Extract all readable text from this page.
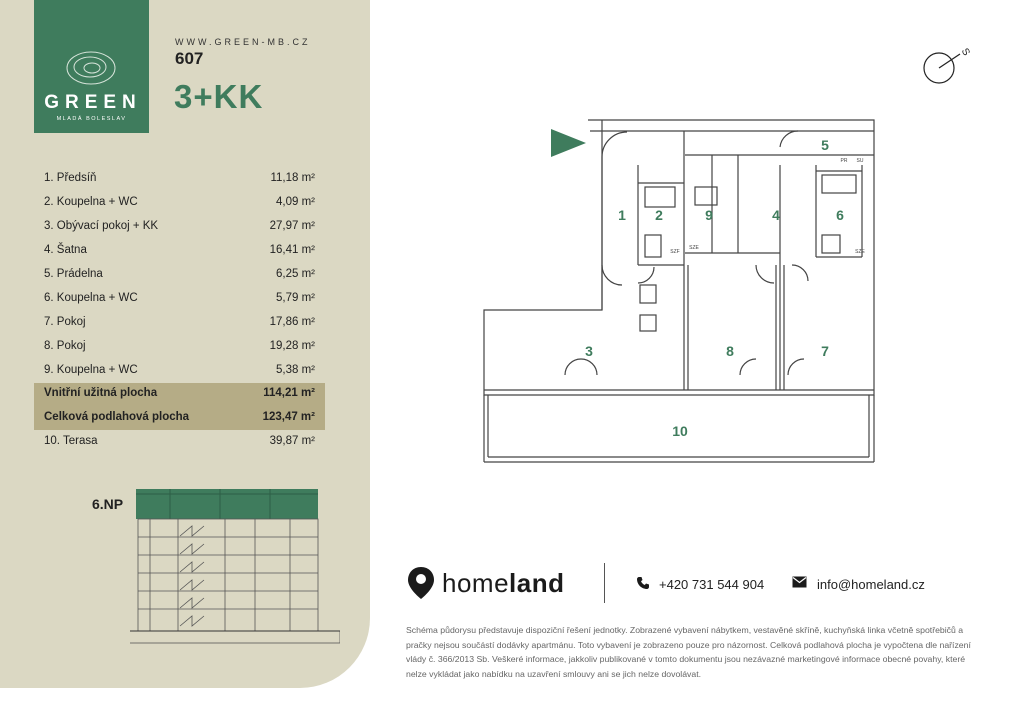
GREEN
MLADÁ BOLESLAV
WWW.GREEN-MB.CZ
607
3+KK
1. Předsíň	11,18 m²
2. Koupelna + WC	4,09 m²
3. Obývací pokoj + KK	27,97 m²
4. Šatna	16,41 m²
5. Prádelna	6,25 m²
6. Koupelna + WC	5,79 m²
7. Pokoj	17,86 m²
8. Pokoj	19,28 m²
9. Koupelna + WC	5,38 m²
Vnitřní užitná plocha	114,21 m²
Celková podlahová plocha	123,47 m²
10. Terasa	39,87 m²
6.NP
1 2	9	4	6
5
3	8	7
10
SZF
SZE
SZE
PR SU
S
homeland	+420 731 544 904	info@homeland.cz
Schéma půdorysu představuje dispoziční řešení jednotky. Zobrazené vybavení nábytkem, vestavěné skříně, kuchyňská linka včetně spotřebičů a pračky nejsou součástí dodávky apartmánu. Toto vybavení je zobrazeno pouze pro názornost. Celková podlahová plocha je vypočtena dle nařízení vlády č. 366/2013 Sb. Veškeré informace, jakkoliv publikované v tomto dokumentu jsou nezávazné marketingové informace obecné povahy, které nelze vykládat jako nabídku na uzavření smlouvy ani se jich nelze dovolávat.
